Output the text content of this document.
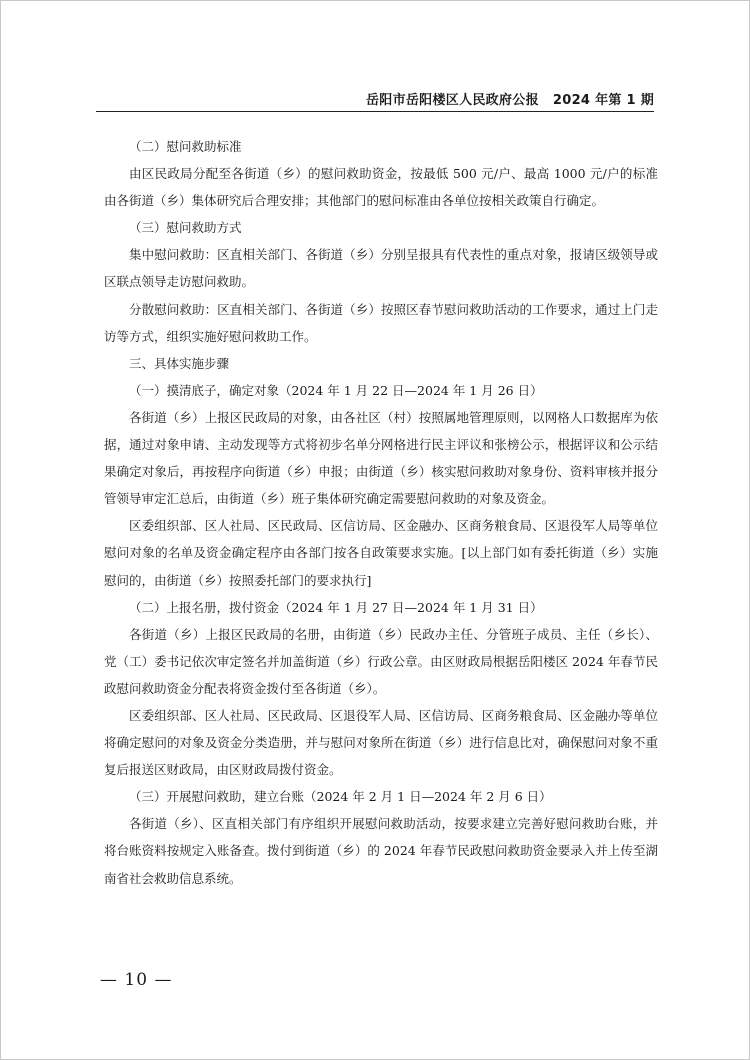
岳阳市岳阳楼区人民政府公报 2024 年第 1 期

（二）慰问救助标准

由区民政局分配至各街道（乡）的慰问救助资金，按最低 500 元/户、最高 1000 元/户的标准由各街道（乡）集体研究后合理安排；其他部门的慰问标准由各单位按相关政策自行确定。

（三）慰问救助方式

集中慰问救助：区直相关部门、各街道（乡）分别呈报具有代表性的重点对象，报请区级领导或区联点领导走访慰问救助。

分散慰问救助：区直相关部门、各街道（乡）按照区春节慰问救助活动的工作要求，通过上门走访等方式，组织实施好慰问救助工作。

三、具体实施步骤

（一）摸清底子，确定对象（2024 年 1 月 22 日—2024 年 1 月 26 日）

各街道（乡）上报区民政局的对象，由各社区（村）按照属地管理原则，以网格人口数据库为依据，通过对象申请、主动发现等方式将初步名单分网格进行民主评议和张榜公示，根据评议和公示结果确定对象后，再按程序向街道（乡）申报；由街道（乡）核实慰问救助对象身份、资料审核并报分管领导审定汇总后，由街道（乡）班子集体研究确定需要慰问救助的对象及资金。

区委组织部、区人社局、区民政局、区信访局、区金融办、区商务粮食局、区退役军人局等单位慰问对象的名单及资金确定程序由各部门按各自政策要求实施。[以上部门如有委托街道（乡）实施慰问的，由街道（乡）按照委托部门的要求执行]

（二）上报名册，拨付资金（2024 年 1 月 27 日—2024 年 1 月 31 日）

各街道（乡）上报区民政局的名册，由街道（乡）民政办主任、分管班子成员、主任（乡长）、党（工）委书记依次审定签名并加盖街道（乡）行政公章。由区财政局根据岳阳楼区 2024 年春节民政慰问救助资金分配表将资金拨付至各街道（乡）。

区委组织部、区人社局、区民政局、区退役军人局、区信访局、区商务粮食局、区金融办等单位将确定慰问的对象及资金分类造册，并与慰问对象所在街道（乡）进行信息比对，确保慰问对象不重复后报送区财政局，由区财政局拨付资金。

（三）开展慰问救助，建立台账（2024 年 2 月 1 日—2024 年 2 月 6 日）

各街道（乡）、区直相关部门有序组织开展慰问救助活动，按要求建立完善好慰问救助台账，并将台账资料按规定入账备查。拨付到街道（乡）的 2024 年春节民政慰问救助资金要录入并上传至湖南省社会救助信息系统。

— 10 —
